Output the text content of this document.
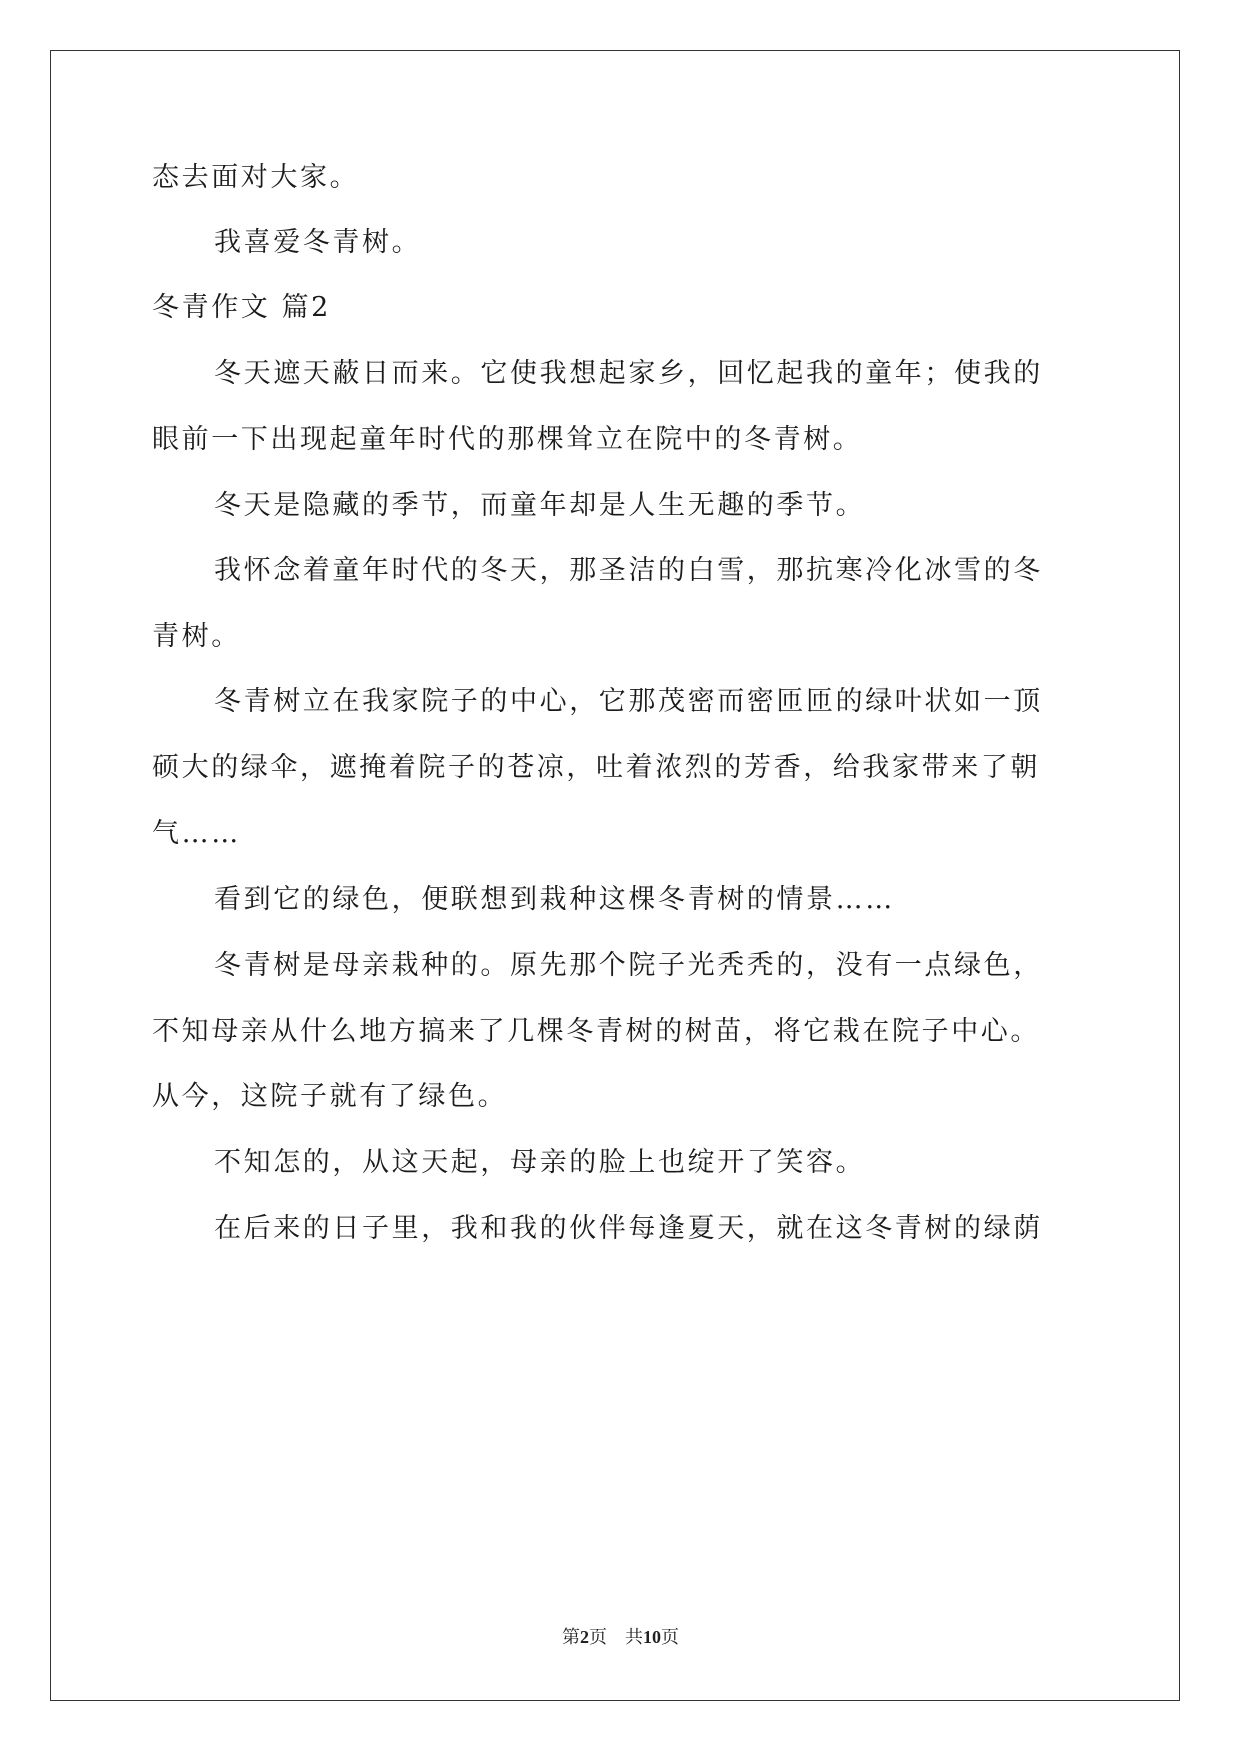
态去面对大家。
我喜爱冬青树。
冬青作文 篇2
冬天遮天蔽日而来。它使我想起家乡，回忆起我的童年；使我的
眼前一下出现起童年时代的那棵耸立在院中的冬青树。
冬天是隐藏的季节，而童年却是人生无趣的季节。
我怀念着童年时代的冬天，那圣洁的白雪，那抗寒冷化冰雪的冬
青树。
冬青树立在我家院子的中心，它那茂密而密匝匝的绿叶状如一顶
硕大的绿伞，遮掩着院子的苍凉，吐着浓烈的芳香，给我家带来了朝
气……
看到它的绿色，便联想到栽种这棵冬青树的情景……
冬青树是母亲栽种的。原先那个院子光秃秃的，没有一点绿色，
不知母亲从什么地方搞来了几棵冬青树的树苗，将它栽在院子中心。
从今，这院子就有了绿色。
不知怎的，从这天起，母亲的脸上也绽开了笑容。
在后来的日子里，我和我的伙伴每逢夏天，就在这冬青树的绿荫
第2页 共10页
